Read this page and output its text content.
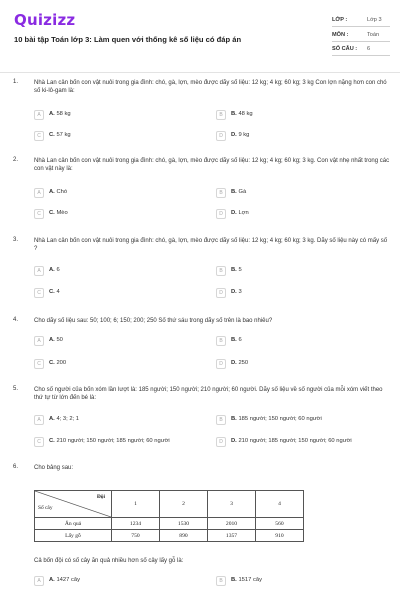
Quizizz
10 bài tập Toán lớp 3: Làm quen với thống kê số liệu có đáp án
LỚP :	Lớp 3
MÔN :	Toán
SỐ CÂU : 6
1.	Nhà Lan cân bốn con vật nuôi trong gia đình: chó, gà, lợn, mèo được dãy số liệu: 12 kg; 4 kg; 60 kg; 3 kg Con lợn nặng hơn con chó số ki-lô-gam là:
A	A. 58 kg	B	B. 48 kg
C	C. 57 kg	D	D. 9 kg
2.	Nhà Lan cân bốn con vật nuôi trong gia đình: chó, gà, lợn, mèo được dãy số liệu: 12 kg; 4 kg; 60 kg; 3 kg. Con vật nhẹ nhất trong các con vật này là:
A	A. Chó	B	B. Gà
C	C. Mèo	D	D. Lợn
3.	Nhà Lan cân bốn con vật nuôi trong gia đình: chó, gà, lợn, mèo được dãy số liệu: 12 kg; 4 kg; 60 kg; 3 kg. Dãy số liệu này có mấy số ?
A	A. 6	B	B. 5
C	C. 4	D	D. 3
4.	Cho dãy số liệu sau: 50; 100; 6; 150; 200; 250 Số thứ sáu trong dãy số trên là bao nhiêu?
A	A. 50	B	B. 6
C	C. 200	D	D. 250
5.	Cho số người của bốn xóm lần lượt là: 185 người; 150 người; 210 người; 60 người. Dãy số liệu về số người của mỗi xóm viết theo thứ tự từ lớn đến bé là:
A	A. 4; 3; 2; 1	B	B. 185 người; 150 người; 60 người
C	C. 210 người; 150 người; 185 người; 60 người	D	D. 210 người; 185 người; 150 người; 60 người
6.	Cho bảng sau:
Đội
Số cây	1	2	3	4
Ăn quả	1234	1530	2010	560
Lấy gỗ	750	890	1357	910
Cả bốn đội có số cây ăn quả nhiều hơn số cây lấy gỗ là:
A	A. 1427 cây	B	B. 1517 cây
